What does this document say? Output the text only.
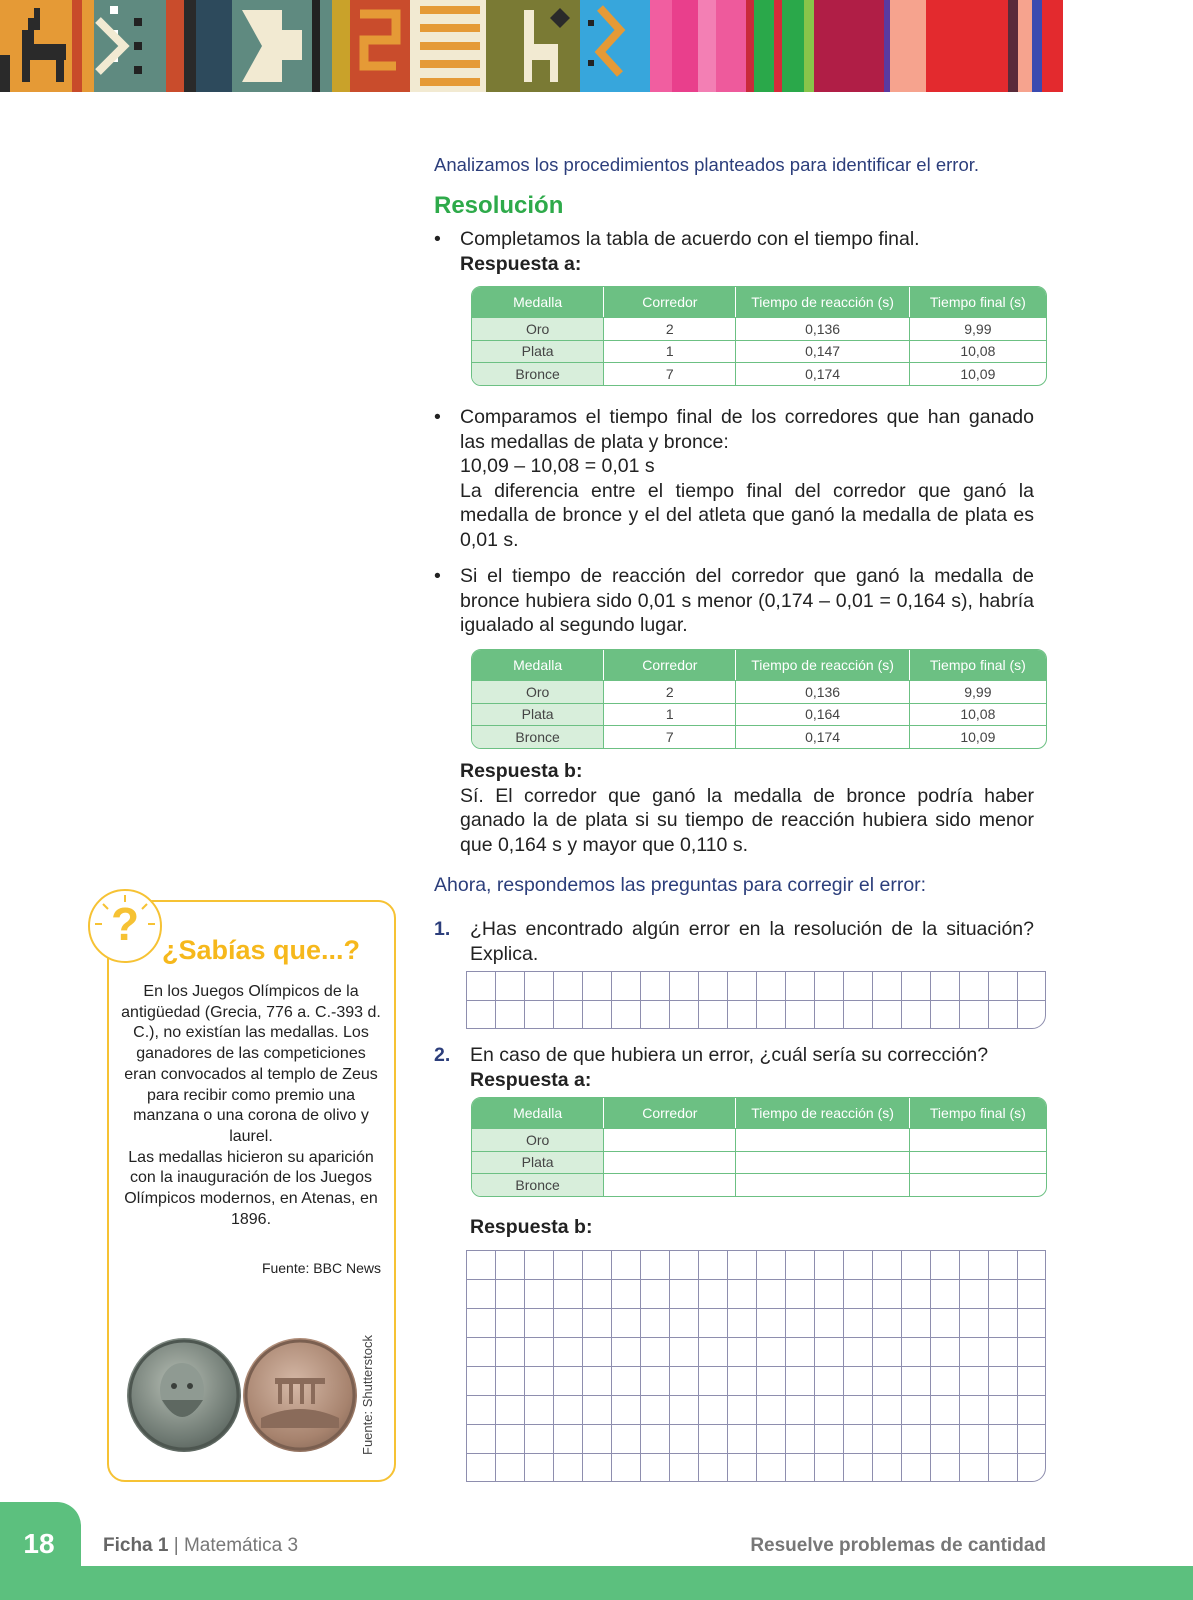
Analizamos los procedimientos planteados para identificar el error.
Resolución
• Completamos la tabla de acuerdo con el tiempo final.
Respuesta a:
Medalla	Corredor	Tiempo de reacción (s)	Tiempo final (s)
Oro	2	0,136	9,99
Plata	1	0,147	10,08
Bronce	7	0,174	10,09
• Comparamos el tiempo final de los corredores que han ganado las medallas de plata y bronce:
10,09 – 10,08 = 0,01 s
La diferencia entre el tiempo final del corredor que ganó la medalla de bronce y el del atleta que ganó la medalla de plata es 0,01 s.
• Si el tiempo de reacción del corredor que ganó la medalla de bronce hubiera sido 0,01 s menor (0,174 – 0,01 = 0,164 s), habría igualado al segundo lugar.
Medalla	Corredor	Tiempo de reacción (s)	Tiempo final (s)
Oro	2	0,136	9,99
Plata	1	0,164	10,08
Bronce	7	0,174	10,09
Respuesta b:
Sí. El corredor que ganó la medalla de bronce podría haber ganado la de plata si su tiempo de reacción hubiera sido menor que 0,164 s y mayor que 0,110 s.
Ahora, respondemos las preguntas para corregir el error:
1. ¿Has encontrado algún error en la resolución de la situación? Explica.
2. En caso de que hubiera un error, ¿cuál sería su corrección?
Respuesta a:
Medalla	Corredor	Tiempo de reacción (s)	Tiempo final (s)
Oro			
Plata			
Bronce			
Respuesta b:
? ¿Sabías que...?
En los Juegos Olímpicos de la antigüedad (Grecia, 776 a. C.-393 d. C.), no existían las medallas. Los ganadores de las competiciones eran convocados al templo de Zeus para recibir como premio una manzana o una corona de olivo y laurel.
Las medallas hicieron su aparición con la inauguración de los Juegos Olímpicos modernos, en Atenas, en 1896.
Fuente: BBC News
Fuente: Shutterstock
18	Ficha 1 | Matemática 3	Resuelve problemas de cantidad
